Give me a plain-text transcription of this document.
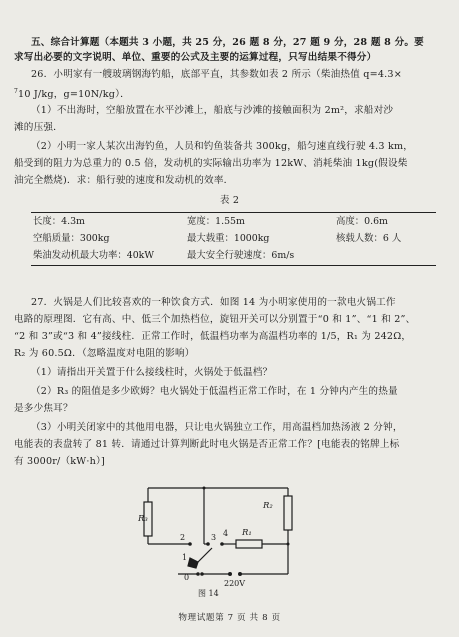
五、综合计算题（本题共 3 小题，共 25 分，26 题 8 分，27 题 9 分，28 题 8 分。要
求写出必要的文字说明、单位、重要的公式及主要的运算过程，只写出结果不得分）
26．小明家有一艘玻璃钢海钓船，底部平直，其参数如表 2 所示（柴油热值 q=4.3×
$^7$10 J/kg，g=10N/kg）．
（1）不出海时，空船放置在水平沙滩上，船底与沙滩的接触面积为 2m²，求船对沙
滩的压强．
（2）小明一家人某次出海钓鱼，人员和钓鱼装备共 300kg，船匀速直线行驶 4.3 km，
船受到的阻力为总重力的 0.5 倍，发动机的实际输出功率为 12kW、消耗柴油 1kg(假设柴
油完全燃烧)．求：船行驶的速度和发动机的效率．
表 2
长度：4.3m	宽度：1.55m	高度：0.6m
空船质量：300kg	最大载重：1000kg	核载人数：6 人
柴油发动机最大功率：40kW	最大安全行驶速度：6m/s	
27．火锅是人们比较喜欢的一种饮食方式．如图 14 为小明家使用的一款电火锅工作
电路的原理图．它有高、中、低三个加热档位，旋钮开关可以分别置于“0 和 1”、“1 和 2”、
“2 和 3”或“3 和 4”接线柱．正常工作时，低温档功率为高温档功率的 1/5，R₁ 为 242Ω，
R₂ 为 60.5Ω．（忽略温度对电阻的影响）
（1）请指出开关置于什么接线柱时，火锅处于低温档？
（2）R₃ 的阻值是多少欧姆？电火锅处于低温档正常工作时，在 1 分钟内产生的热量
是多少焦耳？
（3）小明关闭家中的其他用电器，只让电火锅独立工作，用高温档加热汤液 2 分钟，
电能表的表盘转了 81 转．请通过计算判断此时电火锅是否正常工作？[电能表的铭牌上标
有 3000r/（kW·h）]
R₃
R₂
R₁
2	3 4
1
0
220V
图 14
物理试题第 7 页 共 8 页
